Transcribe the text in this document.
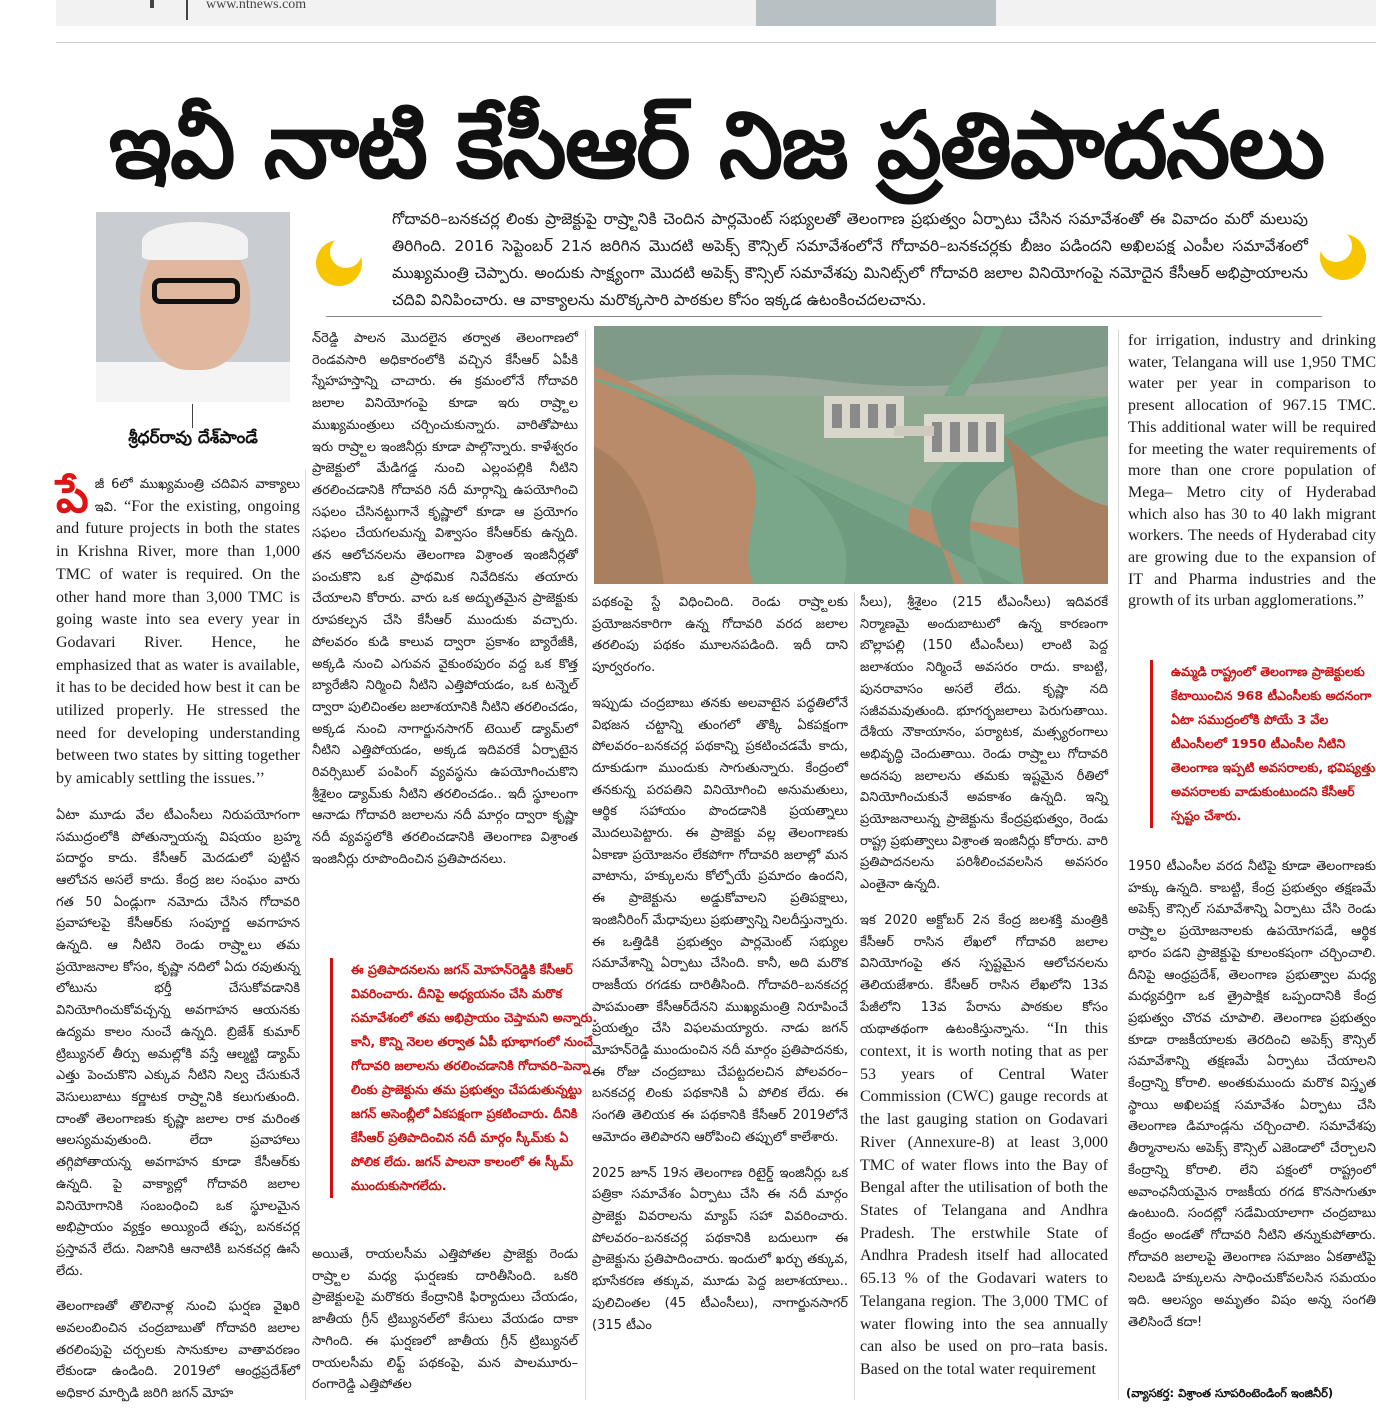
www.ntnews.com
ఇవీ నాటి కేసీఆర్ నిజ ప్రతిపాదనలు
శ్రీధర్‌రావు దేశ్‌పాండే
గోదావరి–బనకచర్ల లింకు ప్రాజెక్టుపై రాష్ర్టానికి చెందిన పార్లమెంట్ సభ్యులతో తెలంగాణ ప్రభుత్వం ఏర్పాటు చేసిన సమావేశంతో ఈ వివాదం మరో మలుపు తిరిగింది. 2016 సెప్టెంబర్ 21న జరిగిన మొదటి అపెక్స్ కౌన్సిల్ సమావేశంలోనే గోదావరి–బనకచర్లకు బీజం పడిందని అఖిలపక్ష ఎంపీల సమావేశంలో ముఖ్యమంత్రి చెప్పారు. అందుకు సాక్ష్యంగా మొదటి అపెక్స్ కౌన్సిల్ సమావేశపు మినిట్స్‌లో గోదావరి జలాల వినియోగంపై నమోదైన కేసీఆర్ అభిప్రాయాలను చదివి వినిపించారు. ఆ వాక్యాలను మరొక్కసారి పాఠకుల కోసం ఇక్కడ ఉటంకించదలచాను.

పే జీ 6లో ముఖ్యమంత్రి చదివిన వాక్యాలు ఇవి. “For the existing, ongoing and future projects in both the states in Krishna River, more than 1,000 TMC of water is required. On the other hand more than 3,000 TMC is going waste into sea every year in Godavari River. Hence, he emphasized that as water is available, it has to be decided how best it can be utilized properly. He stressed the need for developing understanding between two states by sitting together by amicably settling the issues.’’

ఏటా మూడు వేల టీఎంసీలు నిరుపయోగంగా సముద్రంలోకి పోతున్నాయన్న విషయం బ్రహ్మ పదార్థం కాదు. కేసీఆర్ మెదడులో పుట్టిన ఆలోచన అసలే కాదు. కేంద్ర జల సంఘం వారు గత 50 ఏండ్లుగా నమోదు చేసిన గోదావరి ప్రవాహాలపై కేసీఆర్‌కు సంపూర్ణ అవగాహన ఉన్నది. ఆ నీటిని రెండు రాష్ర్టాలు తమ ప్రయోజనాల కోసం, కృష్ణా నదిలో ఏదు రవుతున్న లోటును భర్తీ చేసుకోవడానికి వినియోగించుకోవచ్చన్న అవగాహన ఆయనకు ఉద్యమ కాలం నుంచే ఉన్నది. బ్రిజేశ్ కుమార్ ట్రిబ్యునల్ తీర్పు అమల్లోకి వస్తే ఆల్మట్టి డ్యామ్ ఎత్తు పెంచుకొని ఎక్కువ నీటిని నిల్వ చేసుకునే వెసులుబాటు కర్ణాటక రాష్ర్టానికి కలుగుతుంది. దాంతో తెలంగాణకు కృష్ణా జలాల రాక మరింత ఆలస్యమవుతుంది. లేదా ప్రవాహాలు తగ్గిపోతాయన్న అవగాహన కూడా కేసీఆర్‌కు ఉన్నది. పై వాక్యాల్లో గోదావరి జలాల వినియోగానికి సంబంధించి ఒక స్థూలమైన అభిప్రాయం వ్యక్తం అయ్యిందే తప్ప, బనకచర్ల ప్రస్తావనే లేదు. నిజానికి ఆనాటికి బనకచర్ల ఊసే లేదు.

తెలంగాణతో తొలినాళ్ల నుంచి ఘర్షణ వైఖరి అవలంబించిన చంద్రబాబుతో గోదావరి జలాల తరలింపుపై చర్చలకు సానుకూల వాతావరణం లేకుండా ఉండింది. 2019లో ఆంధ్రప్రదేశ్‌లో అధికార మార్పిడి జరిగి జగన్ మోహ

న్‌రెడ్డి పాలన మొదలైన తర్వాత తెలంగాణలో రెండవసారి అధికారంలోకి వచ్చిన కేసీఆర్ ఏపీకి స్నేహహస్తాన్ని చాచారు. ఈ క్రమంలోనే గోదావరి జలాల వినియోగంపై కూడా ఇరు రాష్ర్టాల ముఖ్యమంత్రులు చర్చించుకున్నారు. వారితోపాటు ఇరు రాష్ర్టాల ఇంజినీర్లు కూడా పాల్గొన్నారు. కాళేశ్వరం ప్రాజెక్టులో మేడిగడ్డ నుంచి ఎల్లంపల్లికి నీటిని తరలించడానికి గోదావరి నదీ మార్గాన్ని ఉపయోగించి సఫలం చేసినట్టుగానే కృష్ణాలో కూడా ఆ ప్రయోగం సఫలం చేయగలమన్న విశ్వాసం కేసీఆర్‌కు ఉన్నది. తన ఆలోచనలను తెలంగాణ విశ్రాంత ఇంజినీర్లతో పంచుకొని ఒక ప్రాథమిక నివేదికను తయారు చేయాలని కోరారు. వారు ఒక అద్భుతమైన ప్రాజెక్టుకు రూపకల్పన చేసి కేసీఆర్ ముందుకు వచ్చారు. పోలవరం కుడి కాలువ ద్వారా ప్రకాశం బ్యారేజీకి, అక్కడి నుంచి ఎగువన వైకుంఠపురం వద్ద ఒక కొత్త బ్యారేజీని నిర్మించి నీటిని ఎత్తిపోయడం, ఒక టన్నెల్ ద్వారా పులిచింతల జలాశయానికి నీటిని తరలించడం, అక్కడ నుంచి నాగార్జునసాగర్ టెయిల్ డ్యామ్‌లో నీటిని ఎత్తిపోయడం, అక్కడ ఇదివరకే ఏర్పాటైన రివర్సిబుల్ పంపింగ్ వ్యవస్థను ఉపయోగించుకొని శ్రీశైలం డ్యామ్‌కు నీటిని తరలించడం.. ఇదీ స్థూలంగా ఆనాడు గోదావరి జలాలను నదీ మార్గం ద్వారా కృష్ణా నదీ వ్యవస్థలోకి తరలించడానికి తెలంగాణ విశ్రాంత ఇంజినీర్లు రూపొందించిన ప్రతిపాదనలు.

ఈ ప్రతిపాదనలను జగన్ మోహన్‌రెడ్డికి కేసీఆర్ వివరించారు. దీనిపై అధ్యయనం చేసి మరొక సమావేశంలో తమ అభిప్రాయం చెప్తామని అన్నారు. కానీ, కొన్ని నెలల తర్వాత ఏపీ భూభాగంలో నుంచే గోదావరి జలాలను తరలించడానికి గోదావరి–పెన్నా లింకు ప్రాజెక్టును తమ ప్రభుత్వం చేపడుతున్నట్టు జగన్ అసెంబ్లీలో ఏకపక్షంగా ప్రకటించారు. దీనికి కేసీఆర్ ప్రతిపాదించిన నదీ మార్గం స్కీమ్‌కు ఏ పోలిక లేదు. జగన్ పాలనా కాలంలో ఈ స్కీమ్ ముందుకుసాగలేదు.

అయితే, రాయలసీమ ఎత్తిపోతల ప్రాజెక్టు రెండు రాష్ర్టాల మధ్య ఘర్షణకు దారితీసింది. ఒకరి ప్రాజెక్టులపై మరొకరు కేంద్రానికి ఫిర్యాదులు చేయడం, జాతీయ గ్రీన్ ట్రిబ్యునల్‌లో కేసులు వేయడం దాకా సాగింది. ఈ ఘర్షణలో జాతీయ గ్రీన్ ట్రిబ్యునల్ రాయలసీమ లిఫ్ట్ పథకంపై, మన పాలమూరు–రంగారెడ్డి ఎత్తిపోతల

పథకంపై స్టే విధించింది. రెండు రాష్ర్టాలకు ప్రయోజనకారిగా ఉన్న గోదావరి వరద జలాల తరలింపు పథకం మూలనపడింది. ఇదీ దాని పూర్వరంగం.

ఇప్పుడు చంద్రబాబు తనకు అలవాటైన పద్ధతిలోనే విభజన చట్టాన్ని తుంగలో తొక్కి ఏకపక్షంగా పోలవరం–బనకచర్ల పథకాన్ని ప్రకటించడమే కాదు, దూకుడుగా ముందుకు సాగుతున్నారు. కేంద్రంలో తనకున్న పరపతిని వినియోగించి అనుమతులు, ఆర్థిక సహాయం పొందడానికి ప్రయత్నాలు మొదలుపెట్టారు. ఈ ప్రాజెక్టు వల్ల తెలంగాణకు ఏకాణా ప్రయోజనం లేకపోగా గోదావరి జలాల్లో మన వాటాను, హక్కులను కోల్పోయే ప్రమాదం ఉందని, ఈ ప్రాజెక్టును అడ్డుకోవాలని ప్రతిపక్షాలు, ఇంజినీరింగ్ మేధావులు ప్రభుత్వాన్ని నిలదీస్తున్నారు. ఈ ఒత్తిడికి ప్రభుత్వం పార్లమెంట్ సభ్యుల సమావేశాన్ని ఏర్పాటు చేసింది. కానీ, అది మరొక రాజకీయ రగడకు దారితీసింది. గోదావరి–బనకచర్ల పాపమంతా కేసీఆర్‌దేనని ముఖ్యమంత్రి నిరూపించే ప్రయత్నం చేసి విఫలమయ్యారు. నాడు జగన్ మోహన్‌రెడ్డి ముందుంచిన నదీ మార్గం ప్రతిపాదనకు, ఈ రోజు చంద్రబాబు చేపట్టదలచిన పోలవరం–బనకచర్ల లింకు పథకానికి ఏ పోలిక లేదు. ఈ సంగతి తెలియక ఈ పథకానికి కేసీఆర్ 2019లోనే ఆమోదం తెలిపారని ఆరోపించి తప్పులో కాలేశారు.

2025 జూన్ 19న తెలంగాణ రిటైర్డ్ ఇంజినీర్లు ఒక పత్రికా సమావేశం ఏర్పాటు చేసి ఈ నదీ మార్గం ప్రాజెక్టు వివరాలను మ్యాప్ సహా వివరించారు. పోలవరం–బనకచర్ల పథకానికి బదులుగా ఈ ప్రాజెక్టును ప్రతిపాదించారు. ఇందులో ఖర్చు తక్కువ, భూసేకరణ తక్కువ, మూడు పెద్ద జలాశయాలు.. పులిచింతల (45 టీఎంసీలు), నాగార్జునసాగర్ (315 టీఎం

సీలు), శ్రీశైలం (215 టీఎంసీలు) ఇదివరకే నిర్మాణమై అందుబాటులో ఉన్న కారణంగా బొల్లాపల్లి (150 టీఎంసీలు) లాంటి పెద్ద జలాశయం నిర్మించే అవసరం రాదు. కాబట్టి, పునరావాసం అసలే లేదు. కృష్ణా నది సజీవమవుతుంది. భూగర్భజలాలు పెరుగుతాయి. దేశీయ నౌకాయానం, పర్యాటక, మత్స్యరంగాలు అభివృద్ధి చెందుతాయి. రెండు రాష్ర్టాలు గోదావరి అదనపు జలాలను తమకు ఇష్టమైన రీతిలో వినియోగించుకునే అవకాశం ఉన్నది. ఇన్ని ప్రయోజనాలున్న ప్రాజెక్టును కేంద్రప్రభుత్వం, రెండు రాష్ట్ర ప్రభుత్వాలు విశ్రాంత ఇంజినీర్లు కోరారు. వారి ప్రతిపాదనలను పరిశీలించవలసిన అవసరం ఎంతైనా ఉన్నది.

ఇక 2020 అక్టోబర్ 2న కేంద్ర జలశక్తి మంత్రికి కేసీఆర్ రాసిన లేఖలో గోదావరి జలాల వినియోగంపై తన స్పష్టమైన ఆలోచనలను తెలియజేశారు. కేసీఆర్ రాసిన లేఖలోని 13వ పేజీలోని 13వ పేరాను పాఠకుల కోసం యథాతథంగా ఉటంకిస్తున్నాను. “In this context, it is worth noting that as per 53 years of Central Water Commission (CWC) gauge records at the last gauging station on Godavari River (Annexure-8) at least 3,000 TMC of water flows into the Bay of Bengal after the utilisation of both the States of Telangana and Andhra Pradesh. The erstwhile State of Andhra Pradesh itself had allocated 65.13 % of the Godavari waters to Telangana region. The 3,000 TMC of water flowing into the sea annually can also be used on pro–rata basis. Based on the total water requirement

for irrigation, industry and drinking water, Telangana will use 1,950 TMC water per year in comparison to present allocation of 967.15 TMC. This additional water will be required for meeting the water requirements of more than one crore population of Mega– Metro city of Hyderabad which also has 30 to 40 lakh migrant workers. The needs of Hyderabad city are growing due to the expansion of IT and Pharma industries and the growth of its urban agglomerations.”

ఉమ్మడి రాష్ట్రంలో తెలంగాణ ప్రాజెక్టులకు కేటాయించిన 968 టీఎంసీలకు అదనంగా ఏటా సముద్రంలోకి పోయే 3 వేల టీఎంసీలలో 1950 టీఎంసీల నీటిని తెలంగాణ ఇప్పటి అవసరాలకు, భవిష్యత్తు అవసరాలకు వాడుకుంటుందని కేసీఆర్ స్పష్టం చేశారు.

1950 టీఎంసీల వరద నీటిపై కూడా తెలంగాణకు హక్కు ఉన్నది. కాబట్టి, కేంద్ర ప్రభుత్వం తక్షణమే అపెక్స్ కౌన్సిల్ సమావేశాన్ని ఏర్పాటు చేసి రెండు రాష్ర్టాల ప్రయోజనాలకు ఉపయోగపడే, ఆర్థిక భారం పడని ప్రాజెక్టుపై కూలంకషంగా చర్చించాలి. దీనిపై ఆంధ్రప్రదేశ్, తెలంగాణ ప్రభుత్వాల మధ్య మధ్యవర్తిగా ఒక త్రైపాక్షిక ఒప్పందానికి కేంద్ర ప్రభుత్వం చొరవ చూపాలి. తెలంగాణ ప్రభుత్వం కూడా రాజకీయాలకు తెరదించి అపెక్స్ కౌన్సిల్ సమావేశాన్ని తక్షణమే ఏర్పాటు చేయాలని కేంద్రాన్ని కోరాలి. అంతకుముందు మరొక విస్తృత స్థాయి అఖిలపక్ష సమావేశం ఏర్పాటు చేసి తెలంగాణ డిమాండ్లను చర్చించాలి. సమావేశపు తీర్మానాలను అపెక్స్ కౌన్సిల్ ఎజెండాలో చేర్చాలని కేంద్రాన్ని కోరాలి. లేని పక్షంలో రాష్ట్రంలో అవాంఛనీయమైన రాజకీయ రగడ కొనసాగుతూ ఉంటుంది. సందట్లో సడేమియాలాగా చంద్రబాబు కేంద్రం అండతో గోదావరి నీటిని తన్నుకుపోతారు. గోదావరి జలాలపై తెలంగాణ సమాజం ఏకతాటిపై నిలబడి హక్కులను సాధించుకోవలసిన సమయం ఇది. ఆలస్యం అమృతం విషం అన్న సంగతి తెలిసిందే కదా!

(వ్యాసకర్త: విశ్రాంత సూపరింటెండింగ్ ఇంజినీర్)
